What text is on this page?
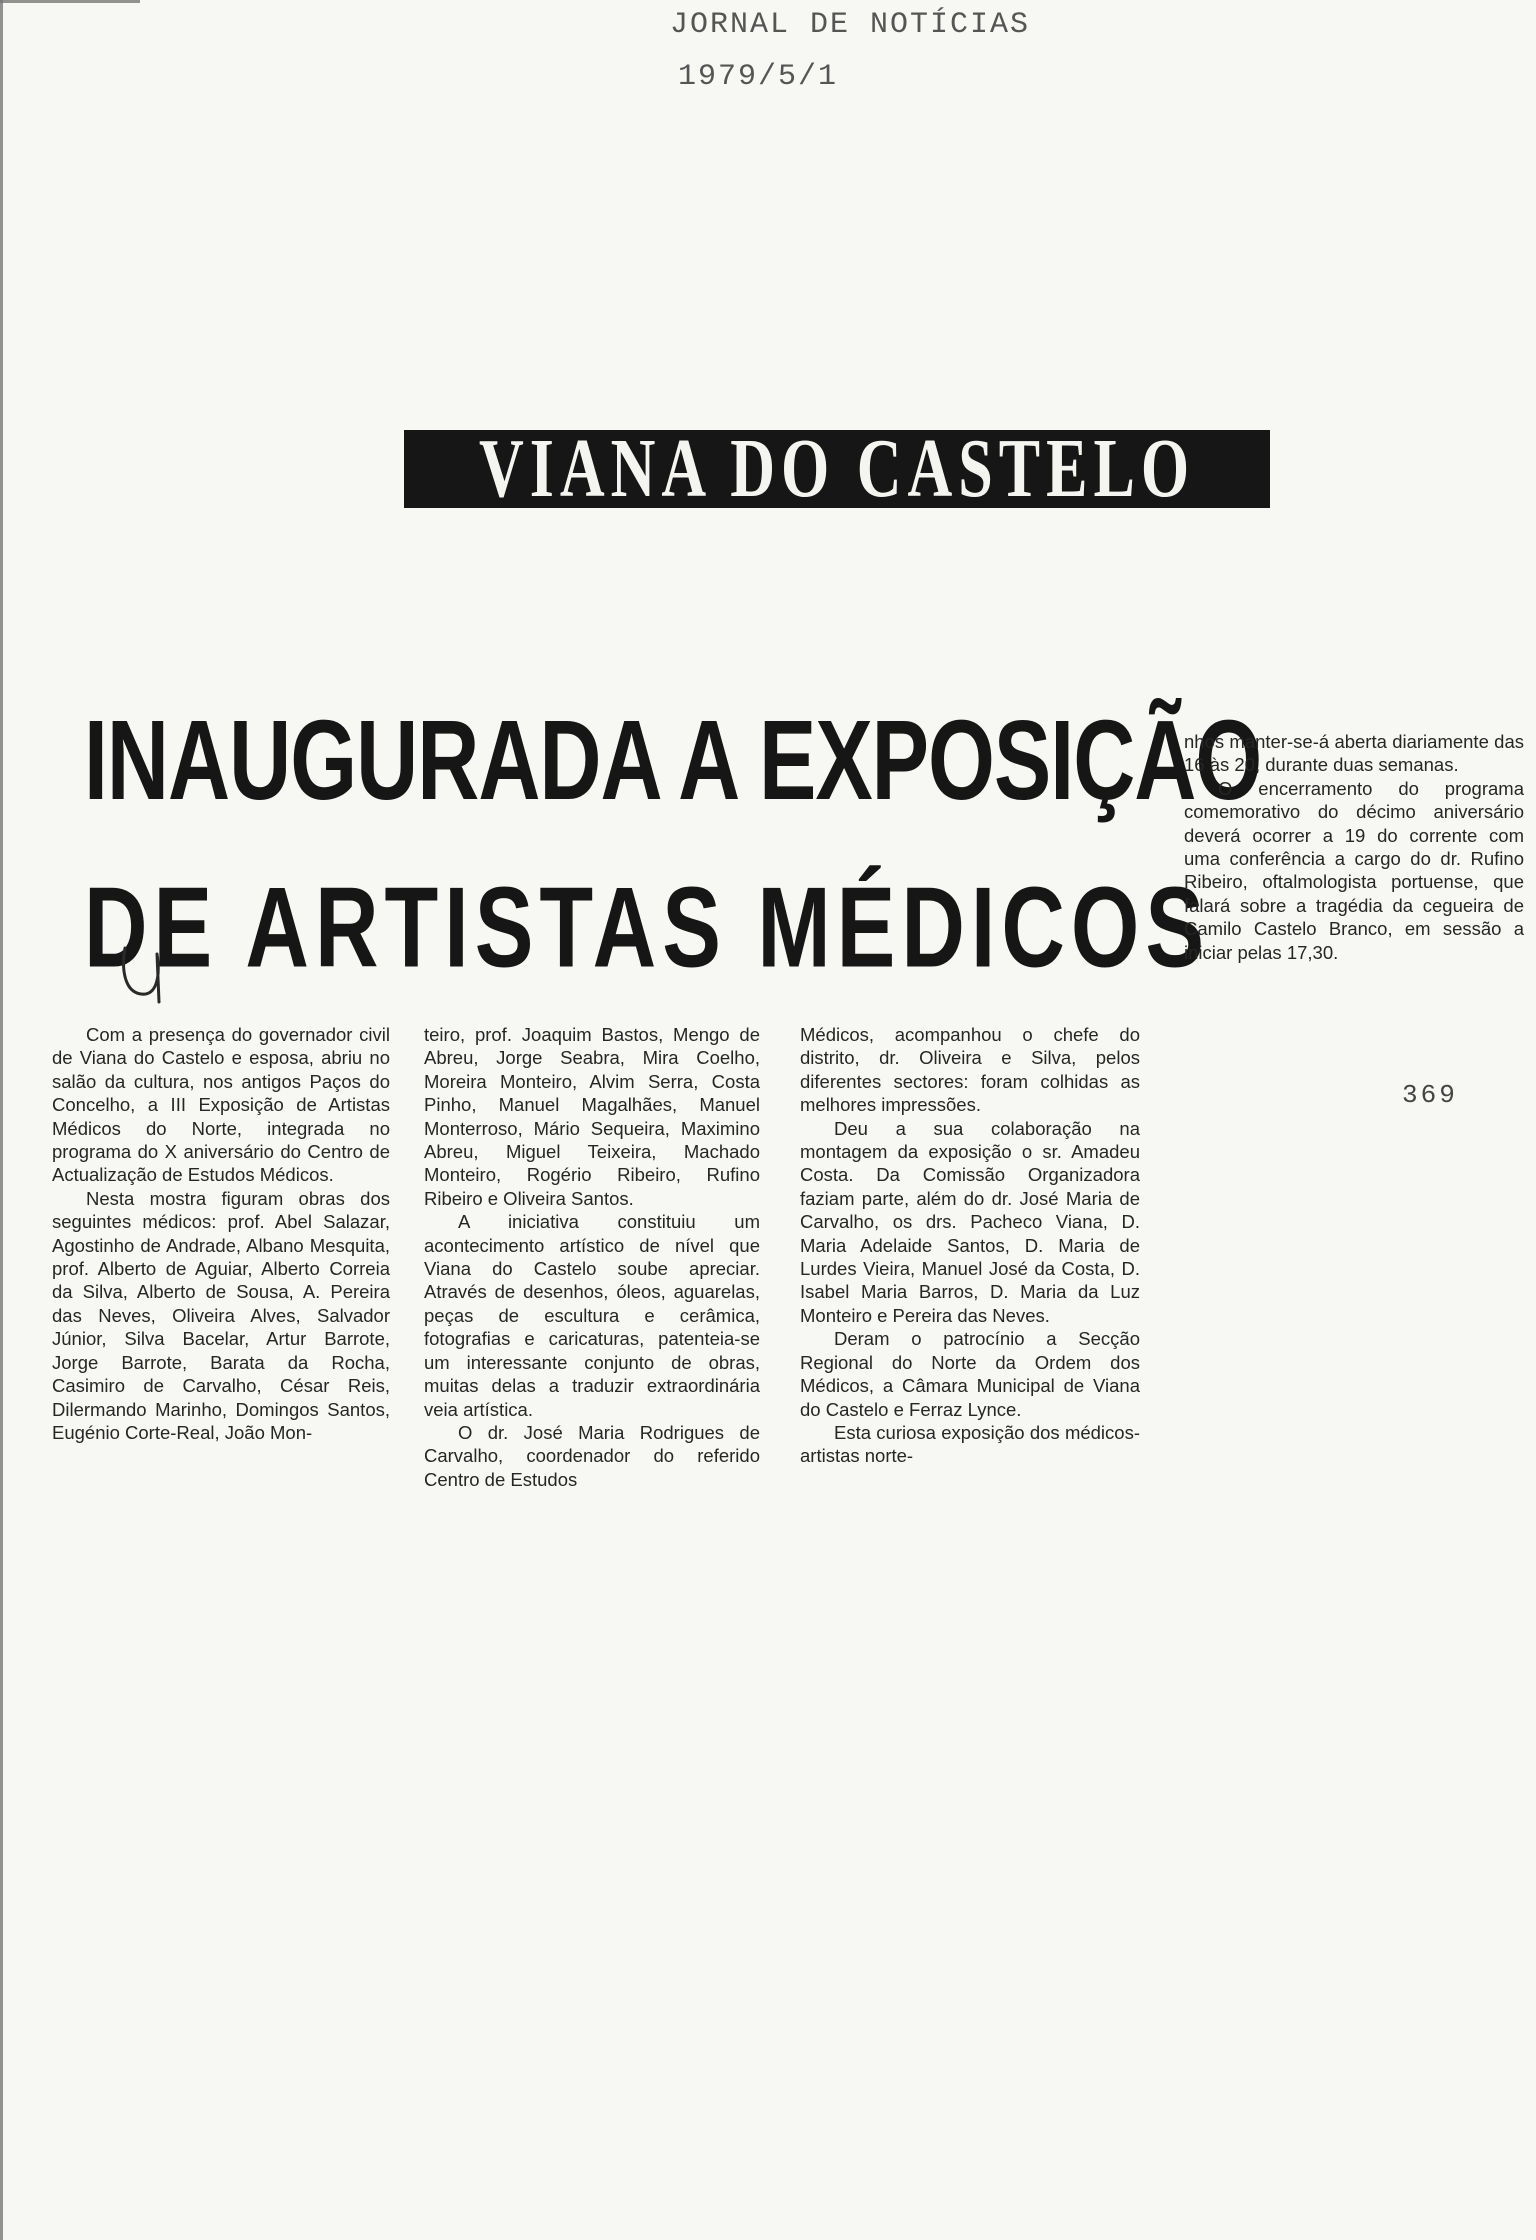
JORNAL DE NOTÍCIAS
1979/5/1
VIANA DO CASTELO
INAUGURADA A EXPOSIÇÃO
DE ARTISTAS MÉDICOS

Com a presença do governador civil de Viana do Castelo e esposa, abriu no salão da cultura, nos antigos Paços do Concelho, a III Exposição de Artistas Médicos do Norte, integrada no programa do X aniversário do Centro de Actualização de Estudos Médicos.

Nesta mostra figuram obras dos seguintes médicos: prof. Abel Salazar, Agostinho de Andrade, Albano Mesquita, prof. Alberto de Aguiar, Alberto Correia da Silva, Alberto de Sousa, A. Pereira das Neves, Oliveira Alves, Salvador Júnior, Silva Bacelar, Artur Barrote, Jorge Barrote, Barata da Rocha, Casimiro de Carvalho, César Reis, Dilermando Marinho, Domingos Santos, Eugénio Corte-Real, João Mon-

teiro, prof. Joaquim Bastos, Mengo de Abreu, Jorge Seabra, Mira Coelho, Moreira Monteiro, Alvim Serra, Costa Pinho, Manuel Magalhães, Manuel Monterroso, Mário Sequeira, Maximino Abreu, Miguel Teixeira, Machado Monteiro, Rogério Ribeiro, Rufino Ribeiro e Oliveira Santos.

A iniciativa constituiu um acontecimento artístico de nível que Viana do Castelo soube apreciar. Através de desenhos, óleos, aguarelas, peças de escultura e cerâmica, fotografias e caricaturas, patenteia-se um interessante conjunto de obras, muitas delas a traduzir extraordinária veia artística.

O dr. José Maria Rodrigues de Carvalho, coordenador do referido Centro de Estudos

Médicos, acompanhou o chefe do distrito, dr. Oliveira e Silva, pelos diferentes sectores: foram colhidas as melhores impressões.

Deu a sua colaboração na montagem da exposição o sr. Amadeu Costa. Da Comissão Organizadora faziam parte, além do dr. José Maria de Carvalho, os drs. Pacheco Viana, D. Maria Adelaide Santos, D. Maria de Lurdes Vieira, Manuel José da Costa, D. Isabel Maria Barros, D. Maria da Luz Monteiro e Pereira das Neves.

Deram o patrocínio a Secção Regional do Norte da Ordem dos Médicos, a Câmara Municipal de Viana do Castelo e Ferraz Lynce.

Esta curiosa exposição dos médicos-artistas norte-

nhos manter-se-á aberta diariamente das 16 às 20, durante duas semanas.

O encerramento do programa comemorativo do décimo aniversário deverá ocorrer a 19 do corrente com uma conferência a cargo do dr. Rufino Ribeiro, oftalmologista portuense, que falará sobre a tragédia da cegueira de Camilo Castelo Branco, em sessão a iniciar pelas 17,30.

369
